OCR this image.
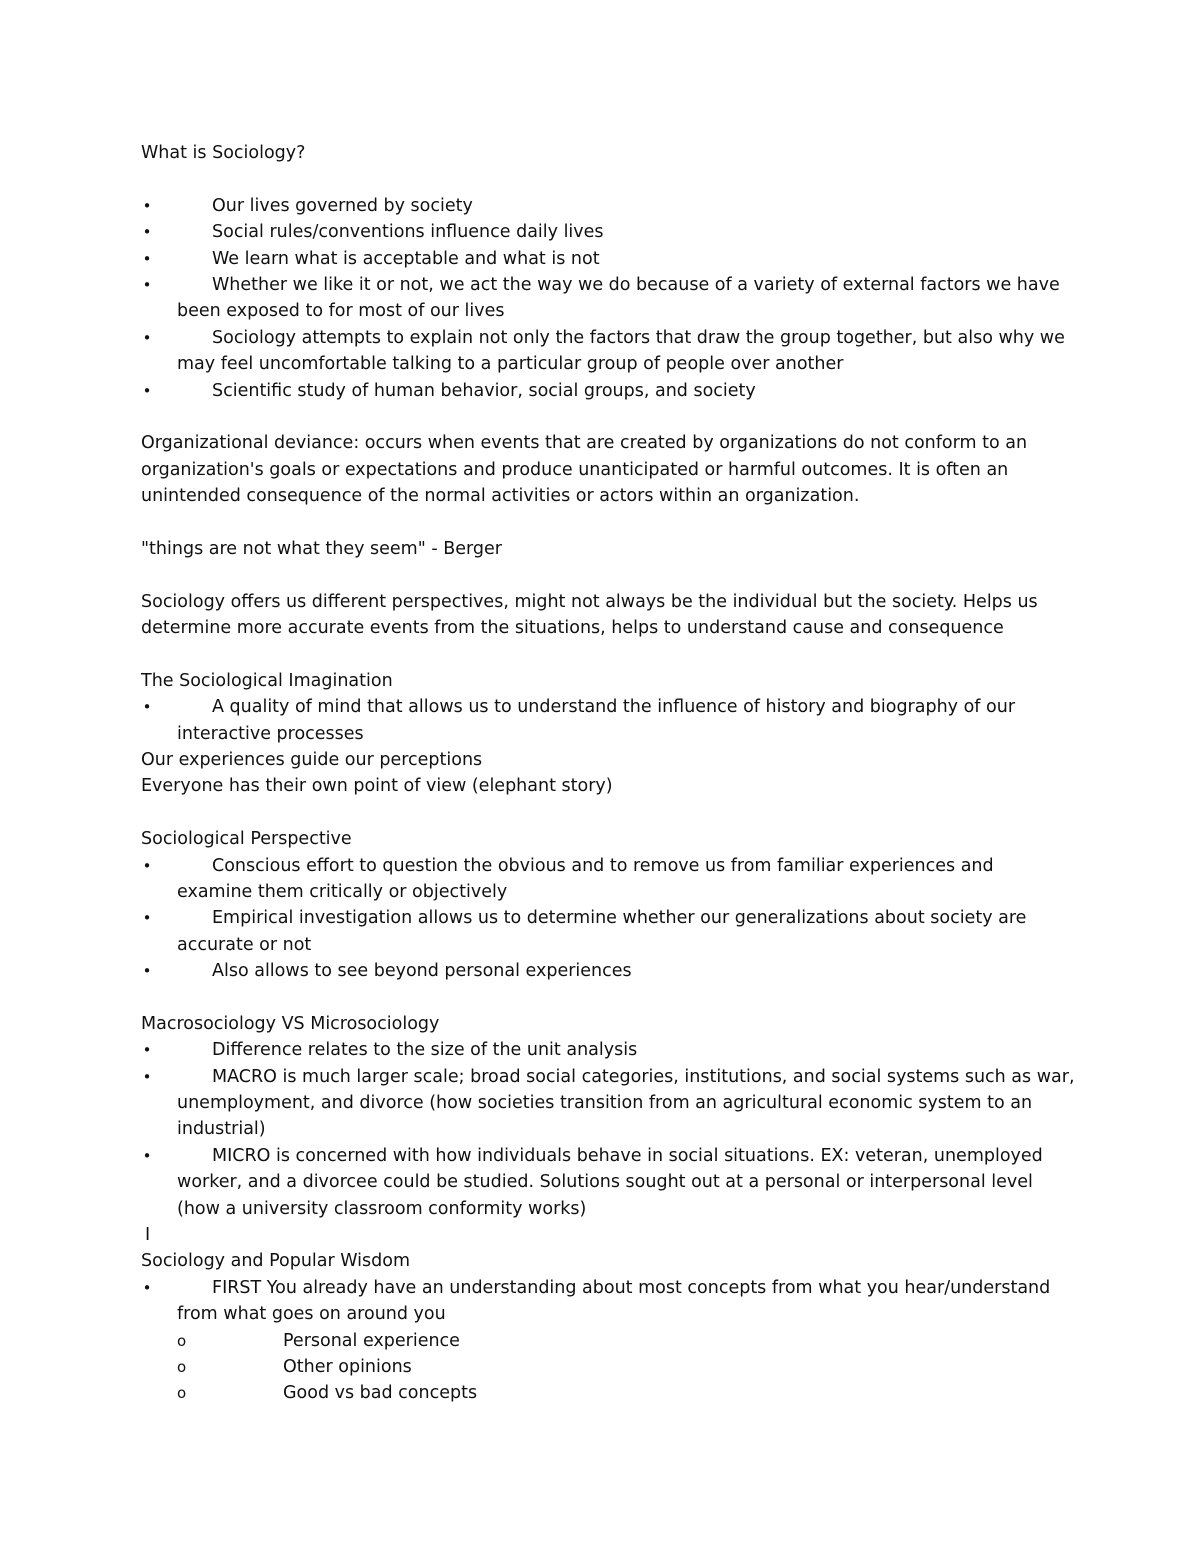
What is Sociology?
•	Our lives governed by society
•	Social rules/conventions influence daily lives
•	We learn what is acceptable and what is not
•	Whether we like it or not, we act the way we do because of a variety of external factors we have
been exposed to for most of our lives
•	Sociology attempts to explain not only the factors that draw the group together, but also why we
may feel uncomfortable talking to a particular group of people over another
•	Scientific study of human behavior, social groups, and society
Organizational deviance: occurs when events that are created by organizations do not conform to an
organization's goals or expectations and produce unanticipated or harmful outcomes. It is often an
unintended consequence of the normal activities or actors within an organization.
"things are not what they seem" - Berger
Sociology offers us different perspectives, might not always be the individual but the society. Helps us
determine more accurate events from the situations, helps to understand cause and consequence
The Sociological Imagination
•	A quality of mind that allows us to understand the influence of history and biography of our
interactive processes
Our experiences guide our perceptions
Everyone has their own point of view (elephant story)
Sociological Perspective
•	Conscious effort to question the obvious and to remove us from familiar experiences and
examine them critically or objectively
•	Empirical investigation allows us to determine whether our generalizations about society are
accurate or not
•	Also allows to see beyond personal experiences
Macrosociology VS Microsociology
•	Difference relates to the size of the unit analysis
•	MACRO is much larger scale; broad social categories, institutions, and social systems such as war,
unemployment, and divorce (how societies transition from an agricultural economic system to an
industrial)
•	MICRO is concerned with how individuals behave in social situations. EX: veteran, unemployed
worker, and a divorcee could be studied. Solutions sought out at a personal or interpersonal level
(how a university classroom conformity works)
I
Sociology and Popular Wisdom
•	FIRST You already have an understanding about most concepts from what you hear/understand
from what goes on around you
o	Personal experience
o	Other opinions
o	Good vs bad concepts
